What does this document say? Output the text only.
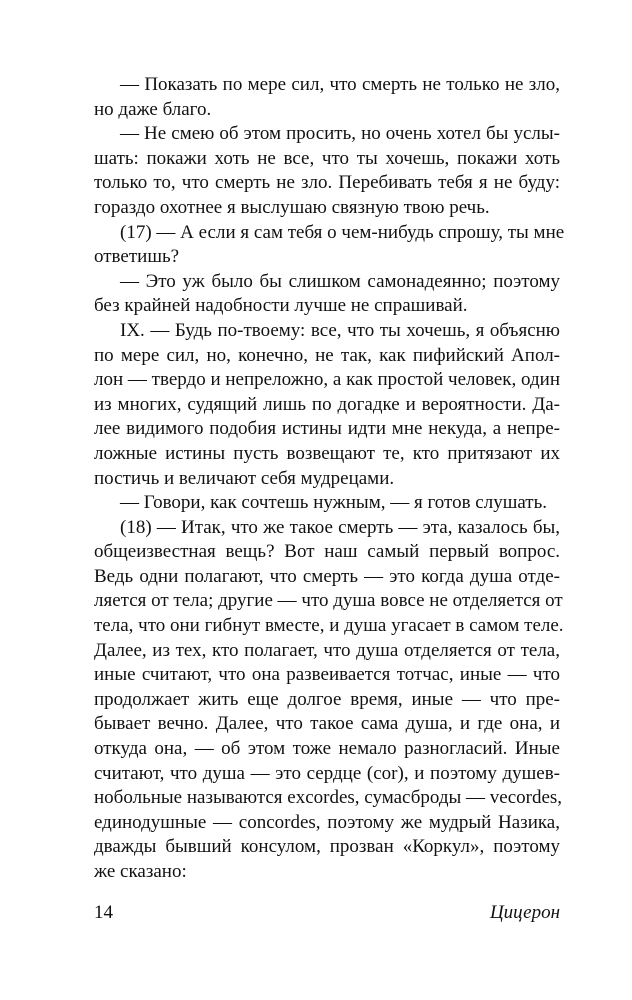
— Показать по мере сил, что смерть не только не зло,
но даже благо.
— Не смею об этом просить, но очень хотел бы услы-
шать: покажи хоть не все, что ты хочешь, покажи хоть
только то, что смерть не зло. Перебивать тебя я не буду:
гораздо охотнее я выслушаю связную твою речь.
(17) — А если я сам тебя о чем-нибудь спрошу, ты мне
ответишь?
— Это уж было бы слишком самонадеянно; поэтому
без крайней надобности лучше не спрашивай.
IX. — Будь по-твоему: все, что ты хочешь, я объясню
по мере сил, но, конечно, не так, как пифийский Апол-
лон — твердо и непреложно, а как простой человек, один
из многих, судящий лишь по догадке и вероятности. Да-
лее видимого подобия истины идти мне некуда, а непре-
ложные истины пусть возвещают те, кто притязают их
постичь и величают себя мудрецами.
— Говори, как сочтешь нужным, — я готов слушать.
(18) — Итак, что же такое смерть — эта, казалось бы,
общеизвестная вещь? Вот наш самый первый вопрос.
Ведь одни полагают, что смерть — это когда душа отде-
ляется от тела; другие — что душа вовсе не отделяется от
тела, что они гибнут вместе, и душа угасает в самом теле.
Далее, из тех, кто полагает, что душа отделяется от тела,
иные считают, что она развеивается тотчас, иные — что
продолжает жить еще долгое время, иные — что пре-
бывает вечно. Далее, что такое сама душа, и где она, и
откуда она, — об этом тоже немало разногласий. Иные
считают, что душа — это сердце (cor), и поэтому душев-
нобольные называются excordes, сумасброды — vecordes,
единодушные — concordes, поэтому же мудрый Назика,
дважды бывший консулом, прозван «Коркул», поэтому
же сказано:
14	Цицерон
